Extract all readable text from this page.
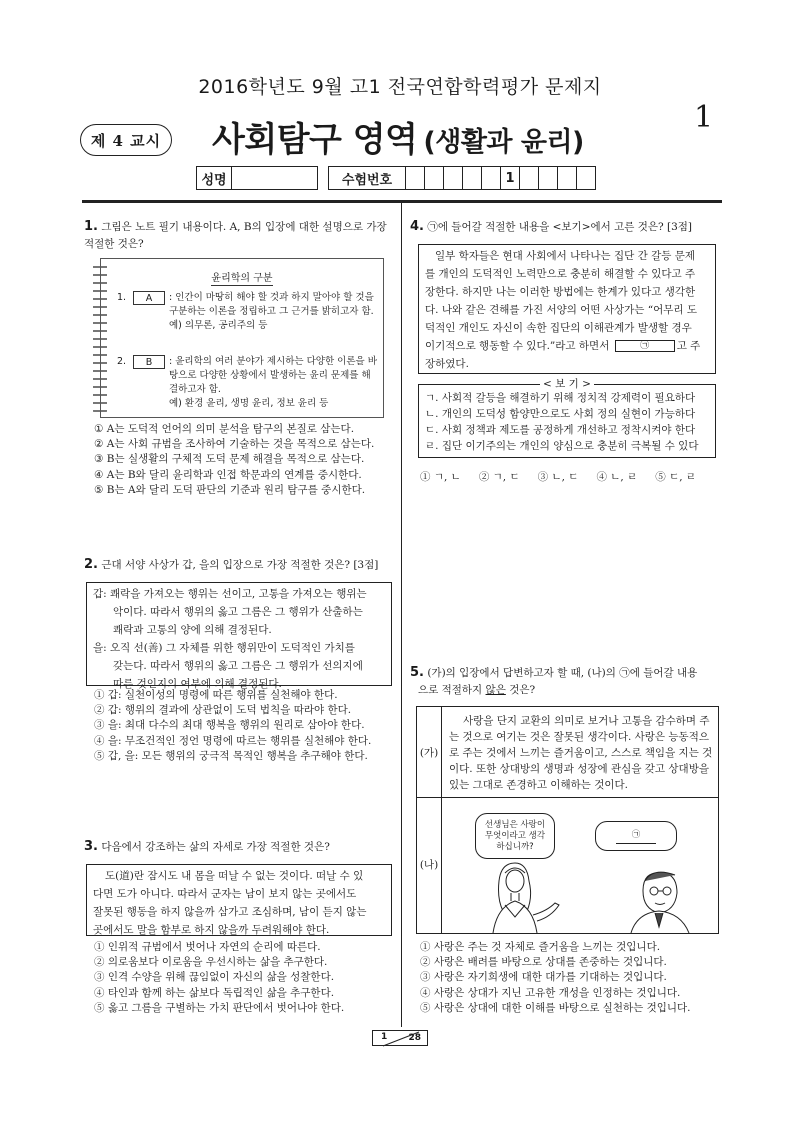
2016학년도 9월 고1 전국연합학력평가 문제지
제 4 교시	사회탐구 영역 (생활과 윤리)
1
성명	수험번호	1
1. 그림은 노트 필기 내용이다. A, B의 입장에 대한 설명으로 가장 적절한 것은?
윤리학의 구분
1.	A	: 인간이 마땅히 해야 할 것과 하지 말아야 할 것을 구분하는 이론을 정립하고 그 근거를 밝히고자 함.
예) 의무론, 공리주의 등
2.	B	: 윤리학의 여러 분야가 제시하는 다양한 이론을 바탕으로 다양한 상황에서 발생하는 윤리 문제를 해결하고자 함.
예) 환경 윤리, 생명 윤리, 정보 윤리 등
① A는 도덕적 언어의 의미 분석을 탐구의 본질로 삼는다.
② A는 사회 규범을 조사하여 기술하는 것을 목적으로 삼는다.
③ B는 실생활의 구체적 도덕 문제 해결을 목적으로 삼는다.
④ A는 B와 달리 윤리학과 인접 학문과의 연계를 중시한다.
⑤ B는 A와 달리 도덕 판단의 기준과 원리 탐구를 중시한다.
2. 근대 서양 사상가 갑, 을의 입장으로 가장 적절한 것은? [3점]
갑: 쾌락을 가져오는 행위는 선이고, 고통을 가져오는 행위는
악이다. 따라서 행위의 옳고 그름은 그 행위가 산출하는
쾌락과 고통의 양에 의해 결정된다.
을: 오직 선(善) 그 자체를 위한 행위만이 도덕적인 가치를
갖는다. 따라서 행위의 옳고 그름은 그 행위가 선의지에
따른 것인지의 여부에 의해 결정된다.
① 갑: 실천이성의 명령에 따른 행위를 실천해야 한다.
② 갑: 행위의 결과에 상관없이 도덕 법칙을 따라야 한다.
③ 을: 최대 다수의 최대 행복을 행위의 원리로 삼아야 한다.
④ 을: 무조건적인 정언 명령에 따르는 행위를 실천해야 한다.
⑤ 갑, 을: 모든 행위의 궁극적 목적인 행복을 추구해야 한다.
3. 다음에서 강조하는 삶의 자세로 가장 적절한 것은?
도(道)란 잠시도 내 몸을 떠날 수 없는 것이다. 떠날 수 있
다면 도가 아니다. 따라서 군자는 남이 보지 않는 곳에서도
잘못된 행동을 하지 않을까 삼가고 조심하며, 남이 듣지 않는
곳에서도 말을 함부로 하지 않을까 두려워해야 한다.
① 인위적 규범에서 벗어나 자연의 순리에 따른다.
② 의로움보다 이로움을 우선시하는 삶을 추구한다.
③ 인격 수양을 위해 끊임없이 자신의 삶을 성찰한다.
④ 타인과 함께 하는 삶보다 독립적인 삶을 추구한다.
⑤ 옳고 그름을 구별하는 가치 판단에서 벗어나야 한다.
4. ㉠에 들어갈 적절한 내용을 <보기>에서 고른 것은? [3점]
일부 학자들은 현대 사회에서 나타나는 집단 간 갈등 문제
를 개인의 도덕적인 노력만으로 충분히 해결할 수 있다고 주
장한다. 하지만 나는 이러한 방법에는 한계가 있다고 생각한
다. 나와 같은 견해를 가진 서양의 어떤 사상가는 “어무리 도
덕적인 개인도 자신이 속한 집단의 이해관계가 발생할 경우
이기적으로 행동할 수 있다.”라고 하면서	㉠	고 주
장하였다.
ㄱ. 사회적 갈등을 해결하기 위해 정치적 강제력이 필요하다
ㄴ. 개인의 도덕성 함양만으로도 사회 정의 실현이 가능하다
ㄷ. 사회 정책과 제도를 공정하게 개선하고 정착시켜야 한다
ㄹ. 집단 이기주의는 개인의 양심으로 충분히 극복될 수 있다
< 보 기 >
① ㄱ, ㄴ ② ㄱ, ㄷ ③ ㄴ, ㄷ ④ ㄴ, ㄹ ⑤ ㄷ, ㄹ
5. (가)의 입장에서 답변하고자 할 때, (나)의 ㉠에 들어갈 내용
으로 적절하지 않은 것은?
(가)
사랑을 단지 교환의 의미로 보거나 고통을 감수하며 주는 것으로 여기는 것은 잘못된 생각이다. 사랑은 능동적으로 주는 것에서 느끼는 즐거움이고, 스스로 책임을 지는 것이다. 또한 상대방의 생명과 성장에 관심을 갖고 상대방을 있는 그대로 존경하고 이해하는 것이다.
(나)
선생님은 사랑이 무엇이라고 생각 하십니까?
㉠
① 사랑은 주는 것 자체로 즐거움을 느끼는 것입니다.
② 사랑은 배려를 바탕으로 상대를 존중하는 것입니다.
③ 사랑은 자기희생에 대한 대가를 기대하는 것입니다.
④ 사랑은 상대가 지닌 고유한 개성을 인정하는 것입니다.
⑤ 사랑은 상대에 대한 이해를 바탕으로 실천하는 것입니다.
1 28
